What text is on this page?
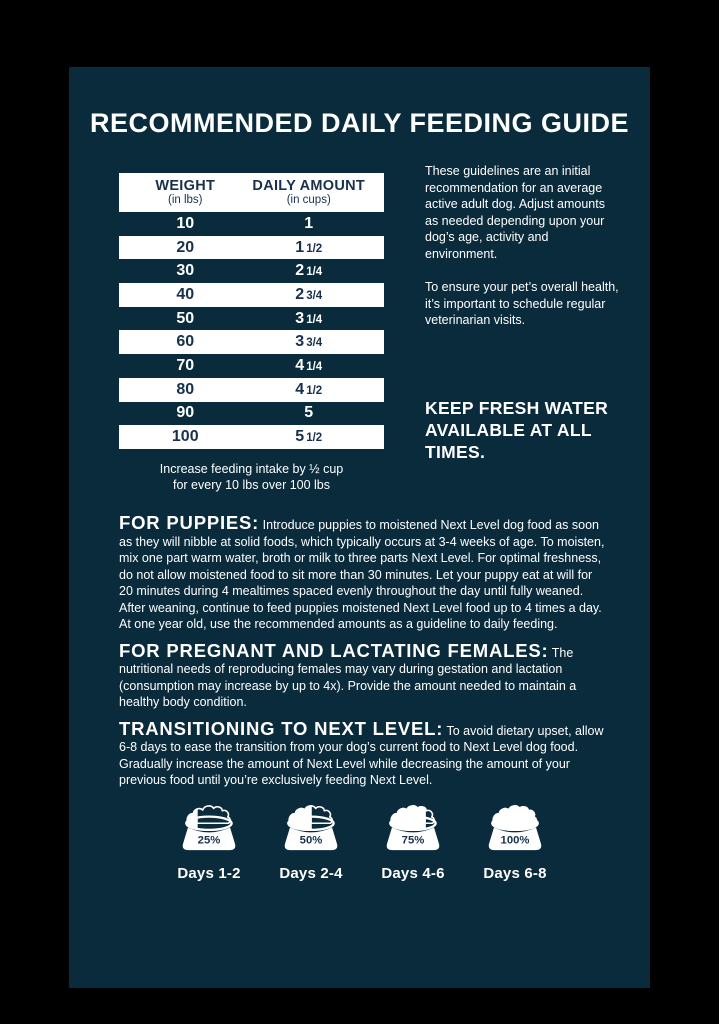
RECOMMENDED DAILY FEEDING GUIDE
WEIGHT
(in lbs)
DAILY AMOUNT
(in cups)
10	1
20	1 1/2
30	2 1/4
40	2 3/4
50	3 1/4
60	3 3/4
70	4 1/4
80	4 1/2
90	5
100	5 1/2
Increase feeding intake by ½ cup
for every 10 lbs over 100 lbs

These guidelines are an initial recommendation for an average active adult dog. Adjust amounts as needed depending upon your dog’s age, activity and environment.

To ensure your pet’s overall health, it’s important to schedule regular veterinarian visits.

KEEP FRESH WATER AVAILABLE AT ALL TIMES.

FOR PUPPIES: Introduce puppies to moistened Next Level dog food as soon as they will nibble at solid foods, which typically occurs at 3-4 weeks of age. To moisten, mix one part warm water, broth or milk to three parts Next Level. For optimal freshness, do not allow moistened food to sit more than 30 minutes. Let your puppy eat at will for 20 minutes during 4 mealtimes spaced evenly throughout the day until fully weaned. After weaning, continue to feed puppies moistened Next Level food up to 4 times a day. At one year old, use the recommended amounts as a guideline to daily feeding.

FOR PREGNANT AND LACTATING FEMALES: The nutritional needs of reproducing females may vary during gestation and lactation (consumption may increase by up to 4x). Provide the amount needed to maintain a healthy body condition.

TRANSITIONING TO NEXT LEVEL: To avoid dietary upset, allow 6-8 days to ease the transition from your dog’s current food to Next Level dog food. Gradually increase the amount of Next Level while decreasing the amount of your previous food until you’re exclusively feeding Next Level.

25%
Days 1-2
50%
Days 2-4
75%
Days 4-6
100%
Days 6-8
